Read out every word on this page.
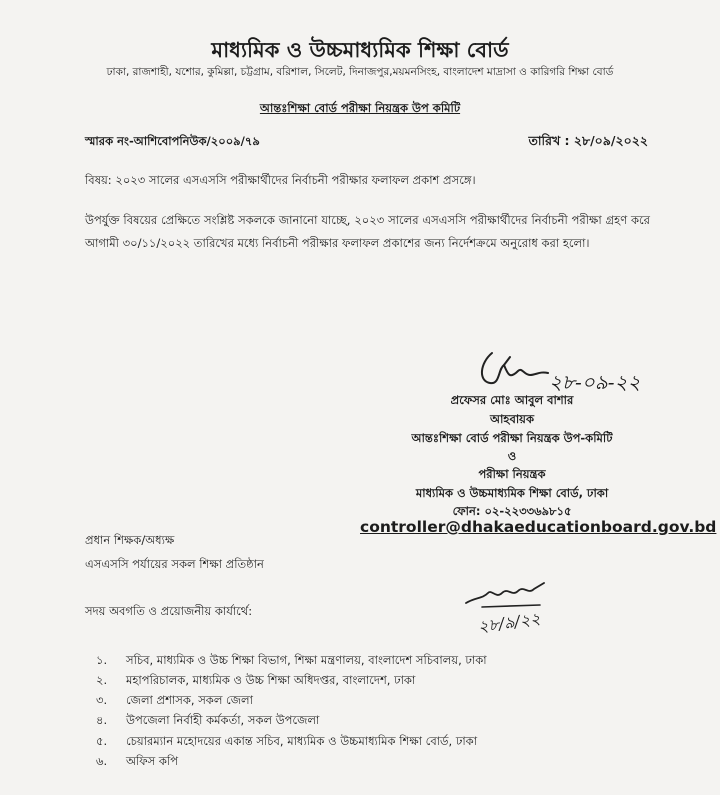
মাধ্যমিক ও উচ্চমাধ্যমিক শিক্ষা বোর্ড
ঢাকা, রাজশাহী, যশোর, কুমিল্লা, চট্টগ্রাম, বরিশাল, সিলেট, দিনাজপুর,ময়মনসিংহ, বাংলাদেশ মাদ্রাসা ও কারিগরি শিক্ষা বোর্ড
আন্তঃশিক্ষা বোর্ড পরীক্ষা নিয়ন্ত্রক উপ কমিটি
স্মারক নং-আশিবোপনিউক/২০০৯/৭৯	তারিখ : ২৮/০৯/২০২২
বিষয়: ২০২৩ সালের এসএসসি পরীক্ষার্থীদের নির্বাচনী পরীক্ষার ফলাফল প্রকাশ প্রসঙ্গে।
উপর্যুক্ত বিষয়ের প্রেক্ষিতে সংশ্লিষ্ট সকলকে জানানো যাচ্ছে, ২০২৩ সালের এসএসসি পরীক্ষার্থীদের নির্বাচনী পরীক্ষা গ্রহণ করে আগামী ৩০/১১/২০২২ তারিখের মধ্যে নির্বাচনী পরীক্ষার ফলাফল প্রকাশের জন্য নির্দেশক্রমে অনুরোধ করা হলো।
২৮-০৯-২২
প্রফেসর মোঃ আবুল বাশার
আহবায়ক
আন্তঃশিক্ষা বোর্ড পরীক্ষা নিয়ন্ত্রক উপ-কমিটি
ও
পরীক্ষা নিয়ন্ত্রক
মাধ্যমিক ও উচ্চমাধ্যমিক শিক্ষা বোর্ড, ঢাকা
ফোন: ০২-২২৩৩৬৯৮১৫
controller@dhakaeducationboard.gov.bd
প্রধান শিক্ষক/অধ্যক্ষ
এসএসসি পর্যায়ের সকল শিক্ষা প্রতিষ্ঠান
সদয় অবগতি ও প্রয়োজনীয় কার্যার্থে:	২৮/৯/২২
১. সচিব, মাধ্যমিক ও উচ্চ শিক্ষা বিভাগ, শিক্ষা মন্ত্রণালয়, বাংলাদেশ সচিবালয়, ঢাকা
২. মহাপরিচালক, মাধ্যমিক ও উচ্চ শিক্ষা অধিদপ্তর, বাংলাদেশ, ঢাকা
৩. জেলা প্রশাসক, সকল জেলা
৪. উপজেলা নির্বাহী কর্মকর্তা, সকল উপজেলা
৫. চেয়ারম্যান মহোদয়ের একান্ত সচিব, মাধ্যমিক ও উচ্চমাধ্যমিক শিক্ষা বোর্ড, ঢাকা
৬. অফিস কপি
